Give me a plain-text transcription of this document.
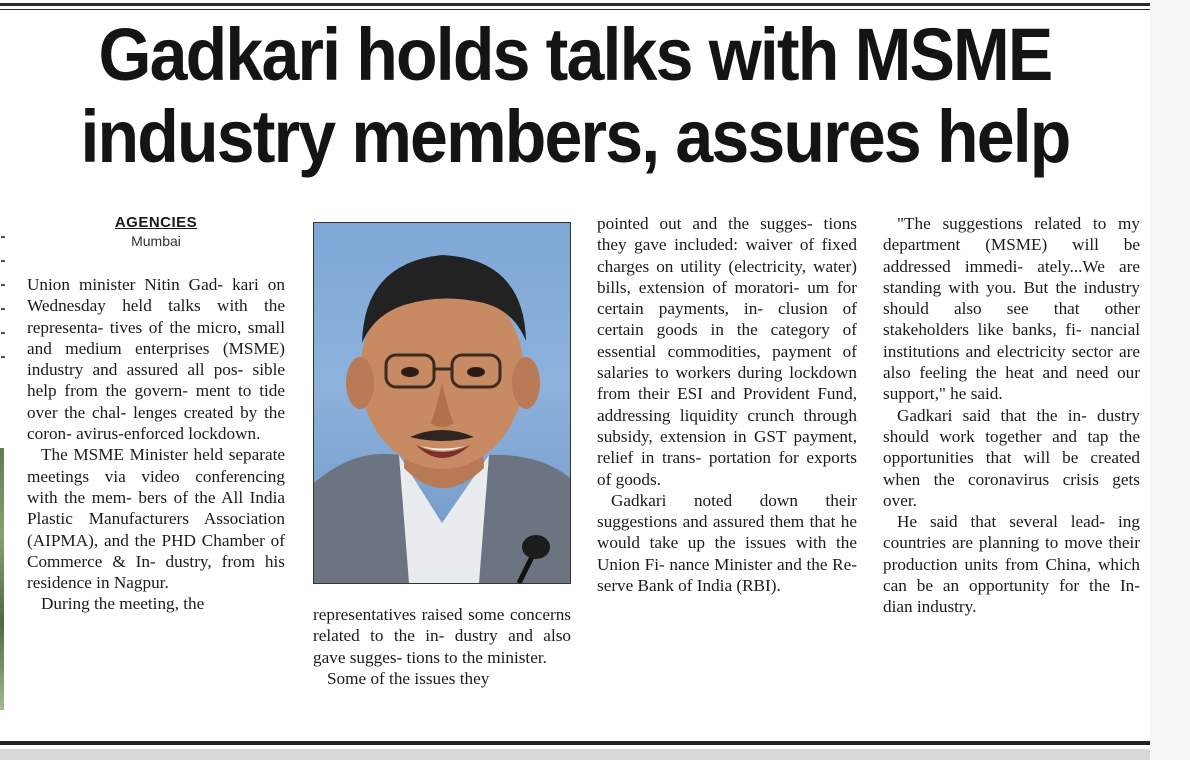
Gadkari holds talks with MSME
industry members, assures help
AGENCIES
Mumbai

Union minister Nitin Gad- kari on Wednesday held talks with the representa- tives of the micro, small and medium enterprises (MSME) industry and assured all pos- sible help from the govern- ment to tide over the chal- lenges created by the coron- avirus-enforced lockdown.

The MSME Minister held separate meetings via video conferencing with the mem- bers of the All India Plastic Manufacturers Association (AIPMA), and the PHD Chamber of Commerce & In- dustry, from his residence in Nagpur.

During the meeting, the

representatives raised some concerns related to the in- dustry and also gave sugges- tions to the minister.

Some of the issues they

pointed out and the sugges- tions they gave included: waiver of fixed charges on utility (electricity, water) bills, extension of moratori- um for certain payments, in- clusion of certain goods in the category of essential commodities, payment of salaries to workers during lockdown from their ESI and Provident Fund, addressing liquidity crunch through subsidy, extension in GST payment, relief in trans- portation for exports of goods.

Gadkari noted down their suggestions and assured them that he would take up the issues with the Union Fi- nance Minister and the Re- serve Bank of India (RBI).

"The suggestions related to my department (MSME) will be addressed immedi- ately...We are standing with you. But the industry should also see that other stakeholders like banks, fi- nancial institutions and electricity sector are also feeling the heat and need our support," he said.

Gadkari said that the in- dustry should work together and tap the opportunities that will be created when the coronavirus crisis gets over.

He said that several lead- ing countries are planning to move their production units from China, which can be an opportunity for the In- dian industry.
